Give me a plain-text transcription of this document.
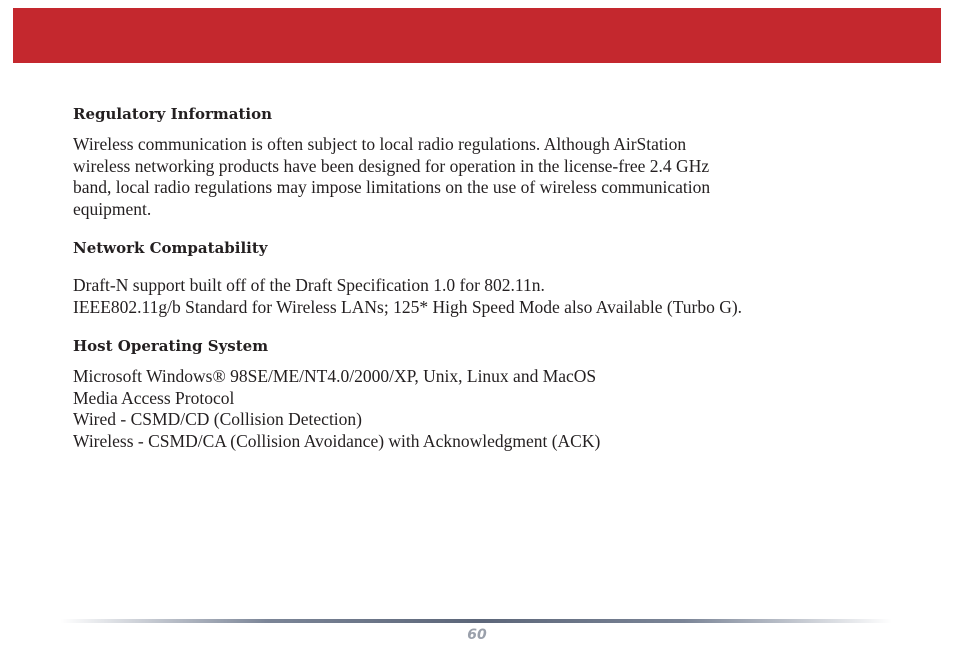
Regulatory Information

Wireless communication is often subject to local radio regulations. Although AirStation
wireless networking products have been designed for operation in the license-free 2.4 GHz
band, local radio regulations may impose limitations on the use of wireless communication
equipment.

Network Compatability

Draft-N support built off of the Draft Specification 1.0 for 802.11n.
IEEE802.11g/b Standard for Wireless LANs; 125* High Speed Mode also Available (Turbo G).

Host Operating System

Microsoft Windows® 98SE/ME/NT4.0/2000/XP, Unix, Linux and MacOS
Media Access Protocol
Wired - CSMD/CD (Collision Detection)
Wireless - CSMD/CA (Collision Avoidance) with Acknowledgment (ACK)

60
